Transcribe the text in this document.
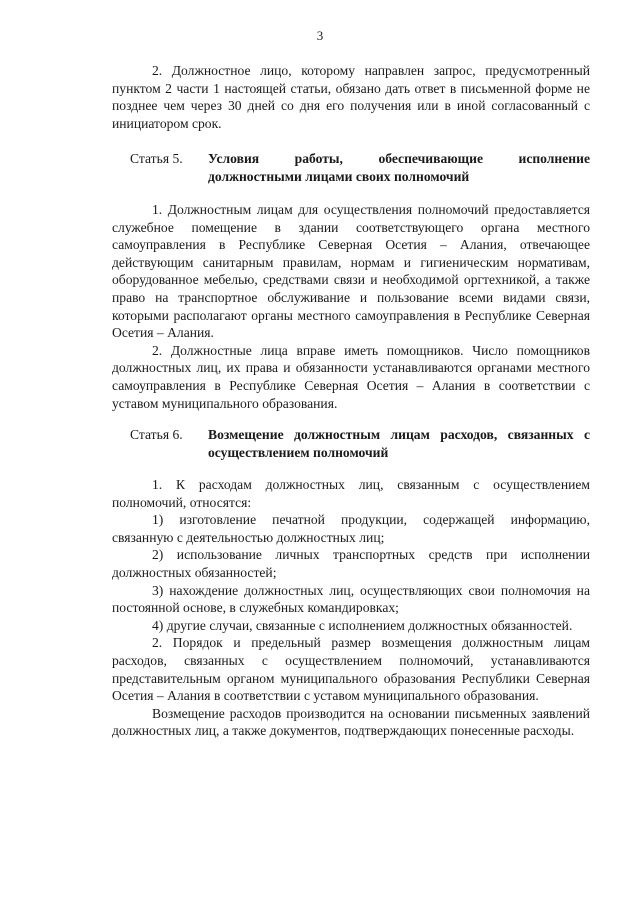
3

2. Должностное лицо, которому направлен запрос, предусмотренный пунктом 2 части 1 настоящей статьи, обязано дать ответ в письменной форме не позднее чем через 30 дней со дня его получения или в иной согласованный с инициатором срок.

Статья 5. Условия работы, обеспечивающие исполнение должностными лицами своих полномочий

1. Должностным лицам для осуществления полномочий предоставляется служебное помещение в здании соответствующего органа местного самоуправления в Республике Северная Осетия – Алания, отвечающее действующим санитарным правилам, нормам и гигиеническим нормативам, оборудованное мебелью, средствами связи и необходимой оргтехникой, а также право на транспортное обслуживание и пользование всеми видами связи, которыми располагают органы местного самоуправления в Республике Северная Осетия – Алания.

2. Должностные лица вправе иметь помощников. Число помощников должностных лиц, их права и обязанности устанавливаются органами местного самоуправления в Республике Северная Осетия – Алания в соответствии с уставом муниципального образования.

Статья 6. Возмещение должностным лицам расходов, связанных с осуществлением полномочий

1. К расходам должностных лиц, связанным с осуществлением полномочий, относятся:

1) изготовление печатной продукции, содержащей информацию, связанную с деятельностью должностных лиц;

2) использование личных транспортных средств при исполнении должностных обязанностей;

3) нахождение должностных лиц, осуществляющих свои полномочия на постоянной основе, в служебных командировках;

4) другие случаи, связанные с исполнением должностных обязанностей.

2. Порядок и предельный размер возмещения должностным лицам расходов, связанных с осуществлением полномочий, устанавливаются представительным органом муниципального образования Республики Северная Осетия – Алания в соответствии с уставом муниципального образования.

Возмещение расходов производится на основании письменных заявлений должностных лиц, а также документов, подтверждающих понесенные расходы.
